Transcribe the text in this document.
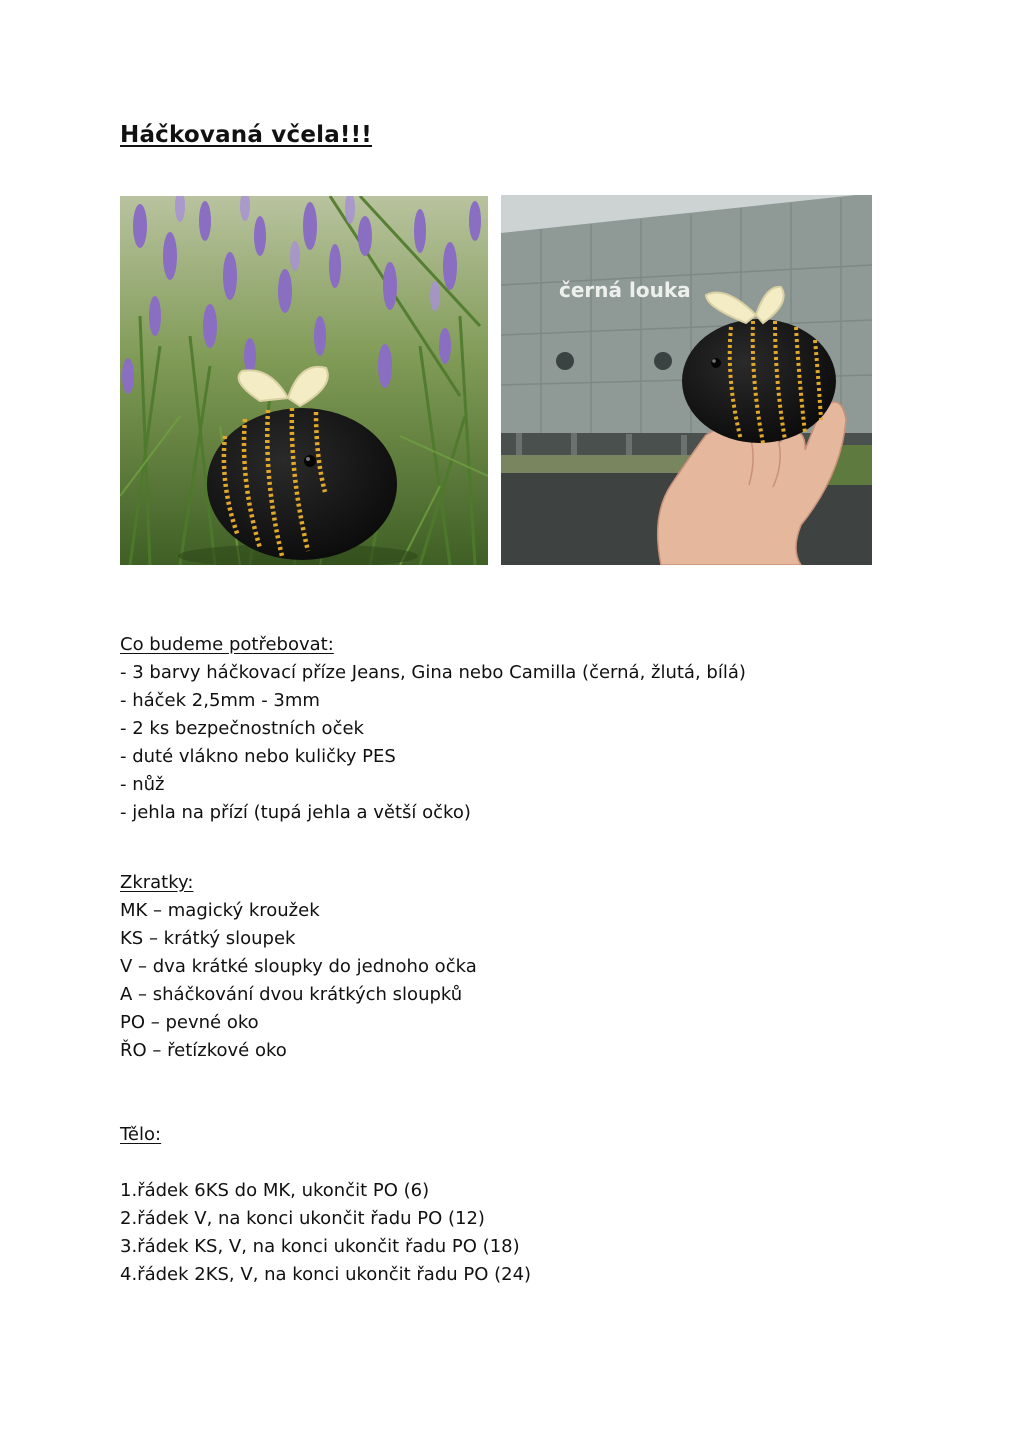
Háčkovaná včela!!!
černá louka
Co budeme potřebovat:
- 3 barvy háčkovací příze Jeans, Gina nebo Camilla (černá, žlutá, bílá)
- háček 2,5mm - 3mm
- 2 ks bezpečnostních oček
- duté vlákno nebo kuličky PES
- nůž
- jehla na přízí (tupá jehla a větší očko)
Zkratky:
MK – magický kroužek
KS – krátký sloupek
V – dva krátké sloupky do jednoho očka
A – sháčkování dvou krátkých sloupků
PO – pevné oko
ŘO – řetízkové oko
Tělo:
1.řádek 6KS do MK, ukončit PO (6)
2.řádek V, na konci ukončit řadu PO (12)
3.řádek KS, V, na konci ukončit řadu PO (18)
4.řádek 2KS, V, na konci ukončit řadu PO (24)
